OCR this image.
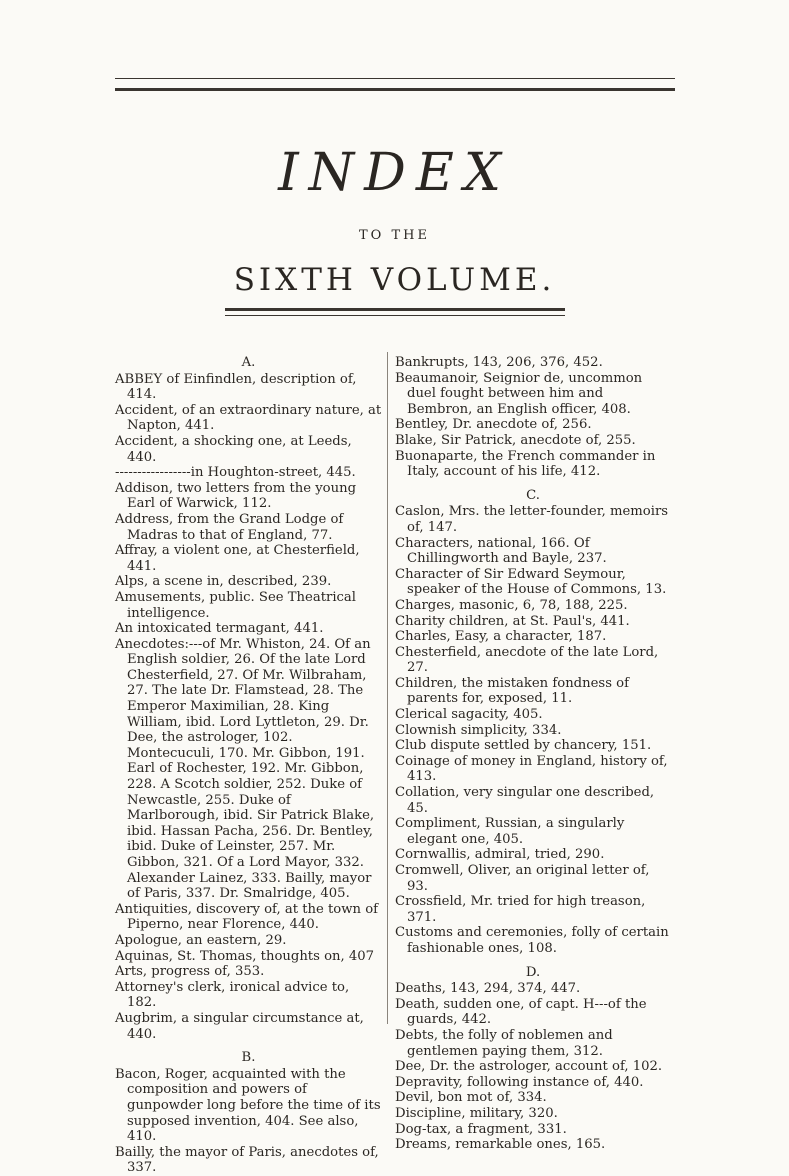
INDEX
TO THE
SIXTH VOLUME.
A.
ABBEY of Einfindlen, description of, 414.
Accident, of an extraordinary nature, at Napton, 441.
Accident, a shocking one, at Leeds, 440.
-----------------in Houghton-street, 445.
Addison, two letters from the young Earl of Warwick, 112.
Address, from the Grand Lodge of Madras to that of England, 77.
Affray, a violent one, at Chesterfield, 441.
Alps, a scene in, described, 239.
Amusements, public. See Theatrical intelligence.
An intoxicated termagant, 441.
Anecdotes:---of Mr. Whiston, 24. Of an English soldier, 26. Of the late Lord Chesterfield, 27. Of Mr. Wilbraham, 27. The late Dr. Flamstead, 28. The Emperor Maximilian, 28. King William, ibid. Lord Lyttleton, 29. Dr. Dee, the astrologer, 102. Montecuculi, 170. Mr. Gibbon, 191. Earl of Rochester, 192. Mr. Gibbon, 228. A Scotch soldier, 252. Duke of Newcastle, 255. Duke of Marlborough, ibid. Sir Patrick Blake, ibid. Hassan Pacha, 256. Dr. Bentley, ibid. Duke of Leinster, 257. Mr. Gibbon, 321. Of a Lord Mayor, 332. Alexander Lainez, 333. Bailly, mayor of Paris, 337. Dr. Smalridge, 405.
Antiquities, discovery of, at the town of Piperno, near Florence, 440.
Apologue, an eastern, 29.
Aquinas, St. Thomas, thoughts on, 407
Arts, progress of, 353.
Attorney's clerk, ironical advice to, 182.
Augbrim, a singular circumstance at, 440.
B.
Bacon, Roger, acquainted with the composition and powers of gunpowder long before the time of its supposed invention, 404. See also, 410.
Bailly, the mayor of Paris, anecdotes of, 337.
Bankrupts, 143, 206, 376, 452.
Beaumanoir, Seignior de, uncommon duel fought between him and Bembron, an English officer, 408.
Bentley, Dr. anecdote of, 256.
Blake, Sir Patrick, anecdote of, 255.
Buonaparte, the French commander in Italy, account of his life, 412.
C.
Caslon, Mrs. the letter-founder, memoirs of, 147.
Characters, national, 166. Of Chillingworth and Bayle, 237.
Character of Sir Edward Seymour, speaker of the House of Commons, 13.
Charges, masonic, 6, 78, 188, 225.
Charity children, at St. Paul's, 441.
Charles, Easy, a character, 187.
Chesterfield, anecdote of the late Lord, 27.
Children, the mistaken fondness of parents for, exposed, 11.
Clerical sagacity, 405.
Clownish simplicity, 334.
Club dispute settled by chancery, 151.
Coinage of money in England, history of, 413.
Collation, very singular one described, 45.
Compliment, Russian, a singularly elegant one, 405.
Cornwallis, admiral, tried, 290.
Cromwell, Oliver, an original letter of, 93.
Crossfield, Mr. tried for high treason, 371.
Customs and ceremonies, folly of certain fashionable ones, 108.
D.
Deaths, 143, 294, 374, 447.
Death, sudden one, of capt. H---of the guards, 442.
Debts, the folly of noblemen and gentlemen paying them, 312.
Dee, Dr. the astrologer, account of, 102.
Depravity, following instance of, 440.
Devil, bon mot of, 334.
Discipline, military, 320.
Dog-tax, a fragment, 331.
Dreams, remarkable ones, 165.
